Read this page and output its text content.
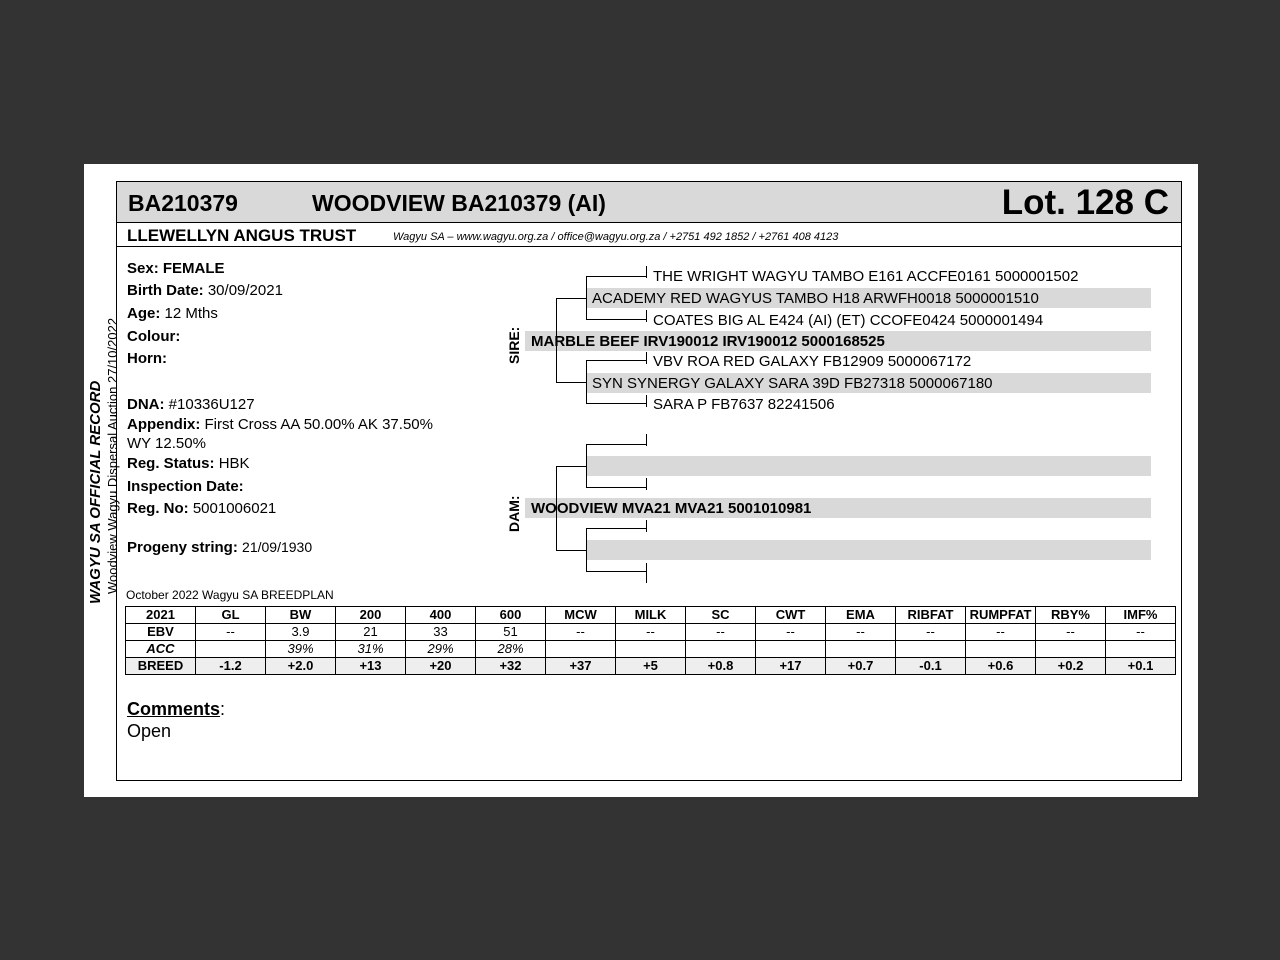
WAGYU SA OFFICIAL RECORD Woodview Wagyu Dispersal Auction 27/10/2022
BA210379	WOODVIEW BA210379 (AI)	Lot. 128 C
LLEWELLYN ANGUS TRUST	Wagyu SA – www.wagyu.org.za / office@wagyu.org.za / +2751 492 1852 / +2761 408 4123
Sex: FEMALE
Birth Date: 30/09/2021
Age: 12 Mths
Colour:
Horn:
DNA: #10336U127
Appendix: First Cross AA 50.00% AK 37.50%
WY 12.50%
Reg. Status: HBK
Inspection Date:
Reg. No: 5001006021
Progeny string: 21/09/1930
SIRE:
DAM:
THE WRIGHT WAGYU TAMBO E161 ACCFE0161 5000001502
ACADEMY RED WAGYUS TAMBO H18 ARWFH0018 5000001510
COATES BIG AL E424 (AI) (ET) CCOFE0424 5000001494
MARBLE BEEF IRV190012 IRV190012 5000168525
VBV ROA RED GALAXY FB12909 5000067172
SYN SYNERGY GALAXY SARA 39D FB27318 5000067180
SARA P FB7637 82241506
WOODVIEW MVA21 MVA21 5001010981
October 2022 Wagyu SA BREEDPLAN
2021	GL	BW	200	400	600	MCW	MILK	SC	CWT	EMA	RIBFAT	RUMPFAT	RBY%	IMF%
EBV	--	3.9	21	33	51	--	--	--	--	--	--	--	--	--
ACC		39%	31%	29%	28%									
BREED	-1.2	+2.0	+13	+20	+32	+37	+5	+0.8	+17	+0.7	-0.1	+0.6	+0.2	+0.1
Comments:
Open
